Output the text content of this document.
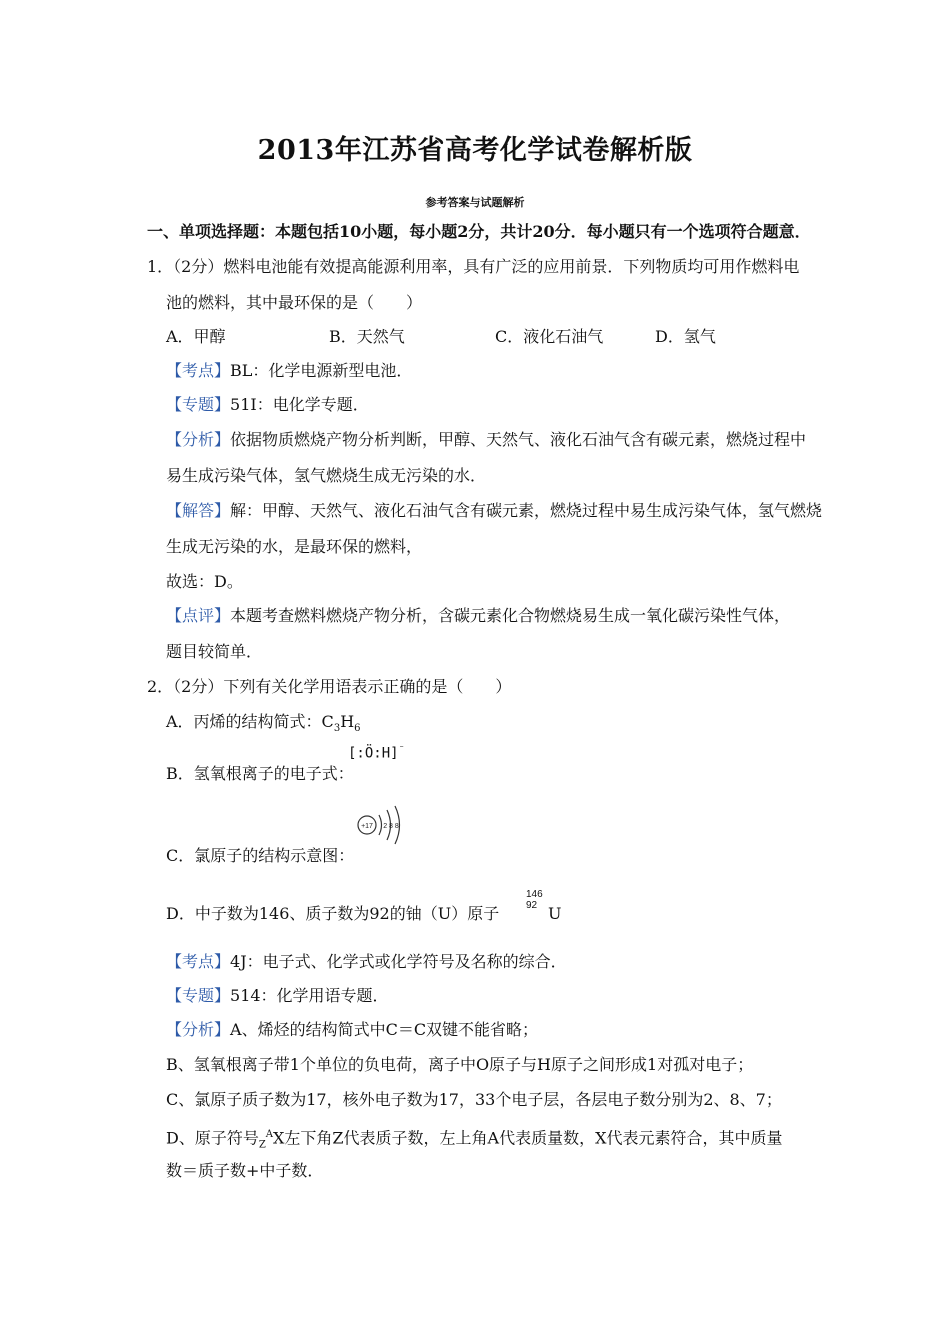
2013年江苏省高考化学试卷解析版
参考答案与试题解析
一、单项选择题：本题包括10小题，每小题2分，共计20分．每小题只有一个选项符合题意．
1．（2分）燃料电池能有效提高能源利用率，具有广泛的应用前景．下列物质均可用作燃料电
池的燃料，其中最环保的是（　　）
A．甲醇	B．天然气	C．液化石油气	D．氢气
【考点】BL：化学电源新型电池．
【专题】51I：电化学专题．
【分析】依据物质燃烧产物分析判断，甲醇、天然气、液化石油气含有碳元素，燃烧过程中
易生成污染气体，氢气燃烧生成无污染的水．
【解答】解：甲醇、天然气、液化石油气含有碳元素，燃烧过程中易生成污染气体，氢气燃烧
生成无污染的水，是最环保的燃料，
故选：D。
【点评】本题考查燃料燃烧产物分析，含碳元素化合物燃烧易生成一氧化碳污染性气体，
题目较简单．
2．（2分）下列有关化学用语表示正确的是（　　）
A．丙烯的结构简式：$C_3H_6$
B．氢氧根离子的电子式：
[:Ö:H]⁻
C．氯原子的结构示意图：
+17 2 8 8
D．中子数为146、质子数为92的铀（U）原子
146
92 U
【考点】4J：电子式、化学式或化学符号及名称的综合．
【专题】514：化学用语专题．
【分析】A、烯烃的结构简式中C＝C双键不能省略；
B、氢氧根离子带1个单位的负电荷，离子中O原子与H原子之间形成1对孤对电子；
C、氯原子质子数为17，核外电子数为17，33个电子层，各层电子数分别为2、8、7；
D、原子符号$_Z^A$X左下角Z代表质子数，左上角A代表质量数，X代表元素符合，其中质量
数＝质子数+中子数．
